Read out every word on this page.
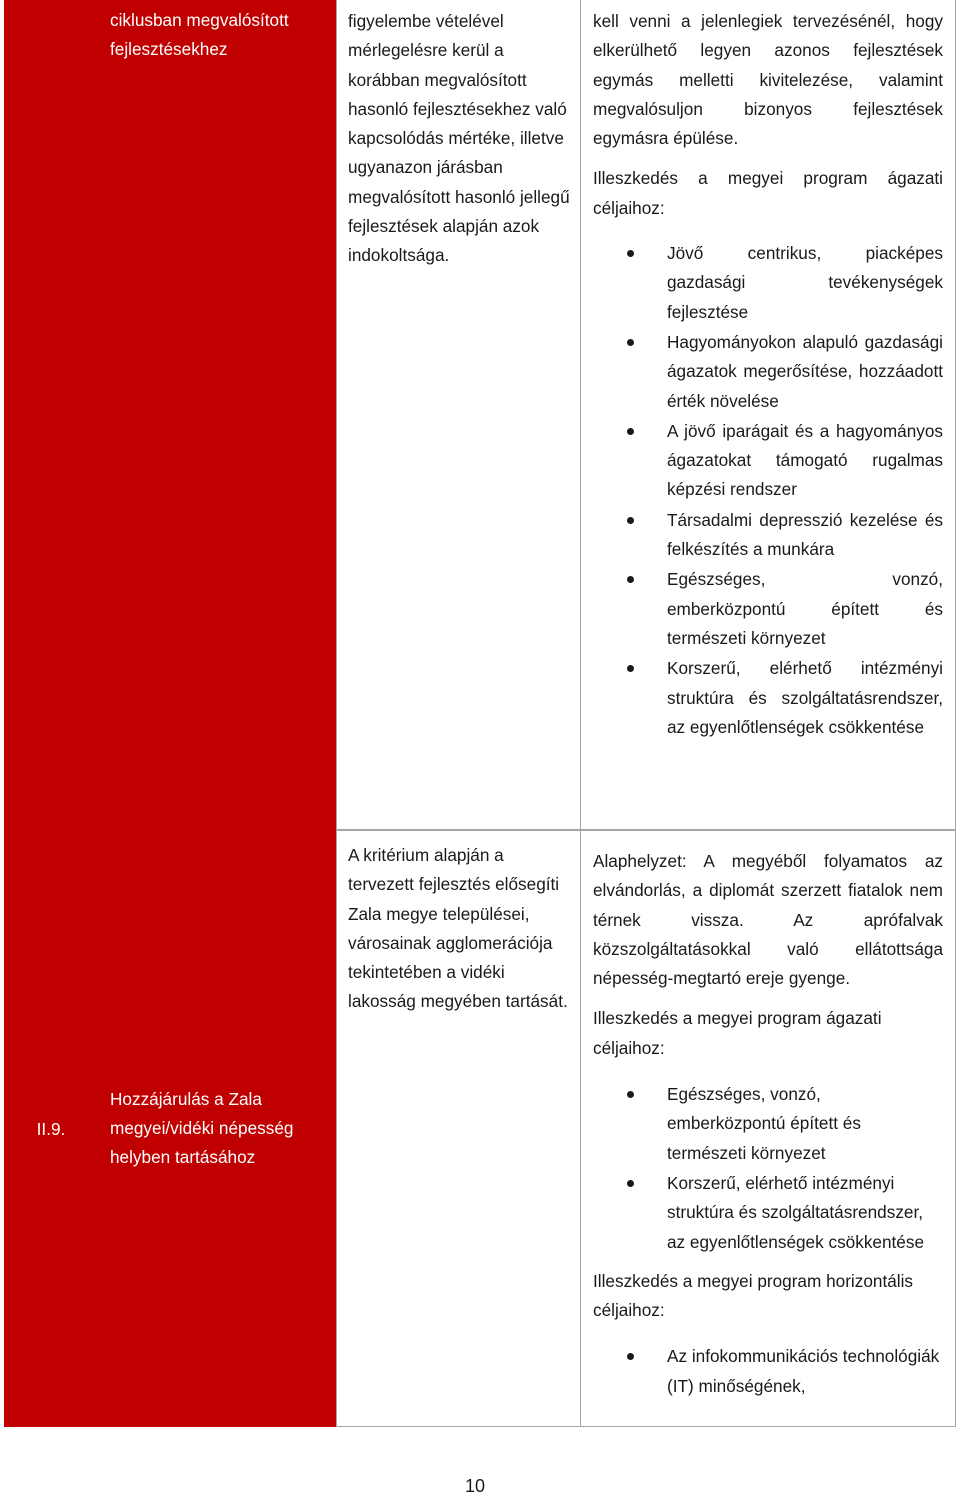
ciklusban megvalósított fejlesztésekhez
figyelembe vételével mérlegelésre kerül a korábban megvalósított hasonló fejlesztésekhez való kapcsolódás mértéke, illetve ugyanazon járásban megvalósított hasonló jellegű fejlesztések alapján azok indokoltsága.

kell venni a jelenlegiek tervezésénél, hogy elkerülhető legyen azonos fejlesztések egymás melletti kivitelezése, valamint megvalósuljon bizonyos fejlesztések egymásra épülése.

Illeszkedés a megyei program ágazati céljaihoz:

Jövő centrikus, piacképes gazdasági tevékenységek fejlesztése
Hagyományokon alapuló gazdasági ágazatok megerősítése, hozzáadott érték növelése
A jövő iparágait és a hagyományos ágazatokat támogató rugalmas képzési rendszer
Társadalmi depresszió kezelése és felkészítés a munkára
Egészséges, vonzó, emberközpontú épített és természeti környezet
Korszerű, elérhető intézményi struktúra és szolgáltatásrendszer, az egyenlőtlenségek csökkentése
II.9.
Hozzájárulás a Zala megyei/vidéki népesség helyben tartásához
A kritérium alapján a tervezett fejlesztés elősegíti Zala megye települései, városainak agglomerációja tekintetében a vidéki lakosság megyében tartását.

Alaphelyzet: A megyéből folyamatos az elvándorlás, a diplomát szerzett fiatalok nem térnek vissza. Az aprófalvak közszolgáltatásokkal való ellátottsága népesség-megtartó ereje gyenge.

Illeszkedés a megyei program ágazati céljaihoz:

Egészséges, vonzó, emberközpontú épített és természeti környezet
Korszerű, elérhető intézményi struktúra és szolgáltatásrendszer, az egyenlőtlenségek csökkentése

Illeszkedés a megyei program horizontális céljaihoz:

Az infokommunikációs technológiák (IT) minőségének,
10
